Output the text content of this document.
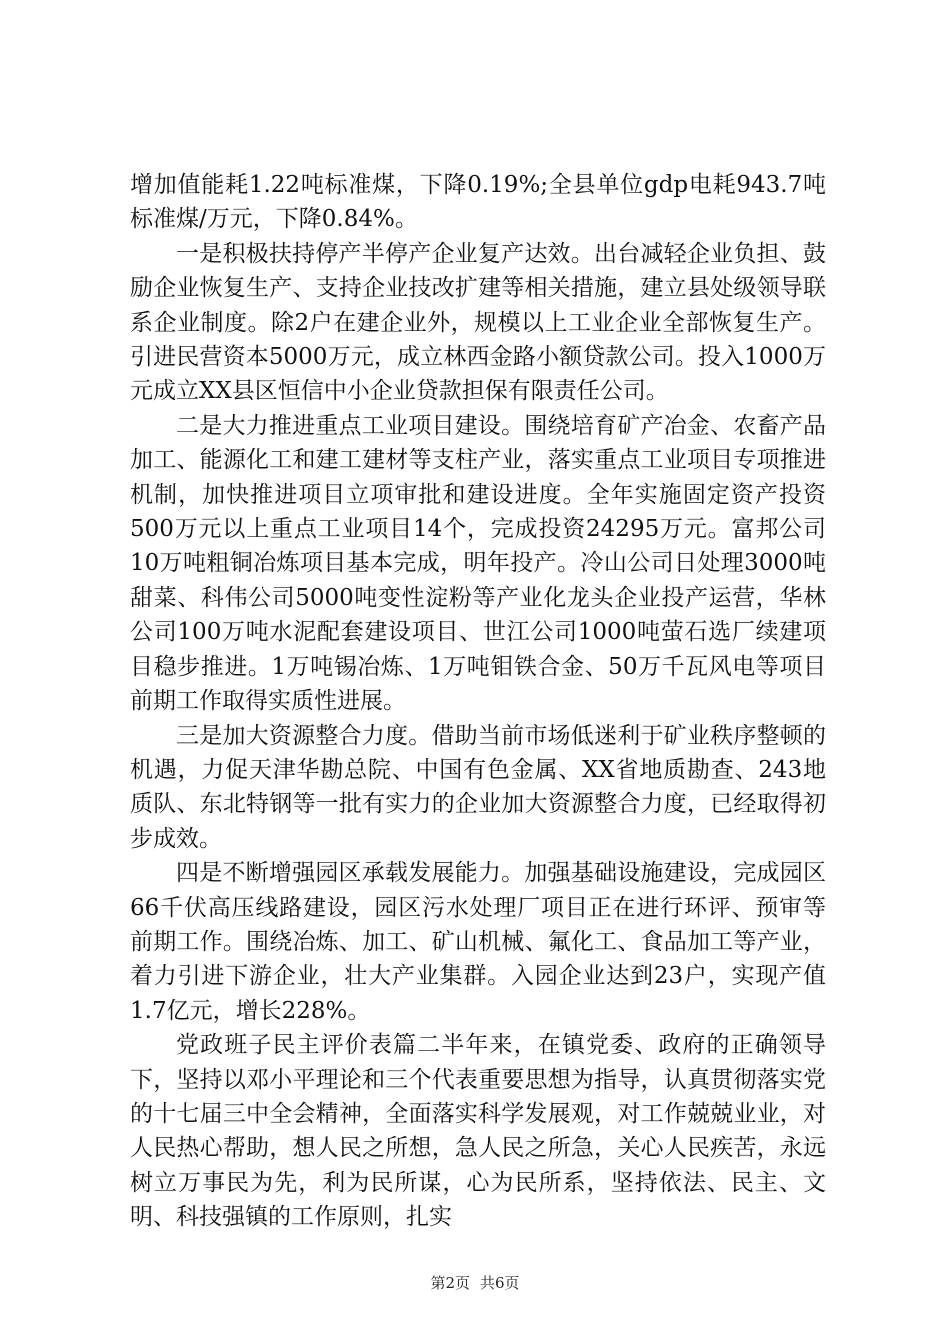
增加值能耗1.22吨标准煤，下降0.19%;全县单位gdp电耗943.7吨标准煤/万元，下降0.84%。

一是积极扶持停产半停产企业复产达效。出台减轻企业负担、鼓励企业恢复生产、支持企业技改扩建等相关措施，建立县处级领导联系企业制度。除2户在建企业外，规模以上工业企业全部恢复生产。引进民营资本5000万元，成立林西金路小额贷款公司。投入1000万元成立XX县区恒信中小企业贷款担保有限责任公司。

二是大力推进重点工业项目建设。围绕培育矿产冶金、农畜产品加工、能源化工和建工建材等支柱产业，落实重点工业项目专项推进机制，加快推进项目立项审批和建设进度。全年实施固定资产投资500万元以上重点工业项目14个，完成投资24295万元。富邦公司10万吨粗铜冶炼项目基本完成，明年投产。冷山公司日处理3000吨甜菜、科伟公司5000吨变性淀粉等产业化龙头企业投产运营，华林公司100万吨水泥配套建设项目、世江公司1000吨萤石选厂续建项目稳步推进。1万吨锡冶炼、1万吨钼铁合金、50万千瓦风电等项目前期工作取得实质性进展。

三是加大资源整合力度。借助当前市场低迷利于矿业秩序整顿的机遇，力促天津华勘总院、中国有色金属、XX省地质勘查、243地质队、东北特钢等一批有实力的企业加大资源整合力度，已经取得初步成效。

四是不断增强园区承载发展能力。加强基础设施建设，完成园区66千伏高压线路建设，园区污水处理厂项目正在进行环评、预审等前期工作。围绕冶炼、加工、矿山机械、氟化工、食品加工等产业，着力引进下游企业，壮大产业集群。入园企业达到23户，实现产值1.7亿元，增长228%。

党政班子民主评价表篇二半年来，在镇党委、政府的正确领导下，坚持以邓小平理论和三个代表重要思想为指导，认真贯彻落实党的十七届三中全会精神，全面落实科学发展观，对工作兢兢业业，对人民热心帮助，想人民之所想，急人民之所急，关心人民疾苦，永远树立万事民为先，利为民所谋，心为民所系，坚持依法、民主、文明、科技强镇的工作原则，扎实

第2页 共6页
